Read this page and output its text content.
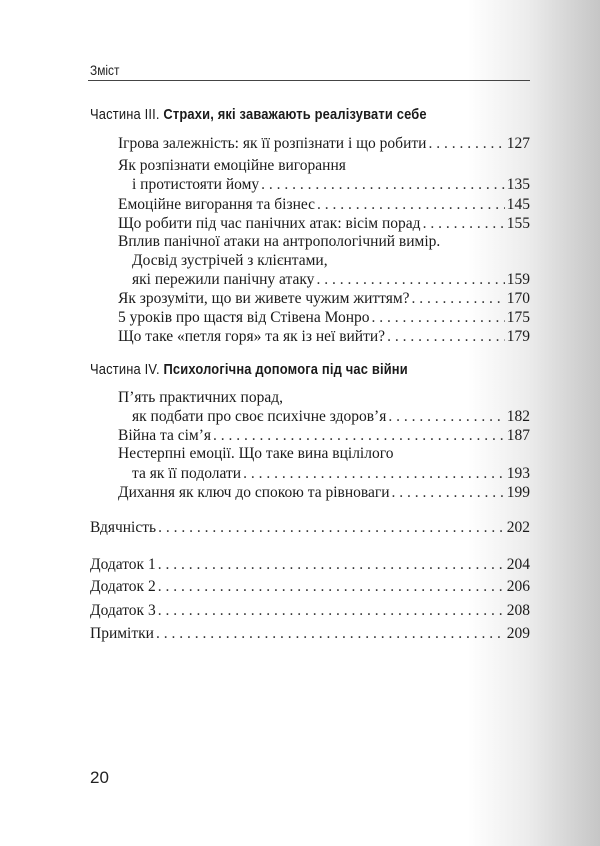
Зміст
Частина III. Страхи, які заважають реалізувати себе
Ігрова залежність: як її розпізнати і що робити . . .	127
Як розпізнати емоційне вигорання
і протистояти йому . . .	135
Емоційне вигорання та бізнес . . .	145
Що робити під час панічних атак: вісім порад . . .	155
Вплив панічної атаки на антропологічний вимір.
Досвід зустрічей з клієнтами,
які пережили панічну атаку . . .	159
Як зрозуміти, що ви живете чужим життям? . . .	170
5 уроків про щастя від Стівена Монро . . .	175
Що таке «петля горя» та як із неї вийти? . . .	179
Частина IV. Психологічна допомога під час війни
П’ять практичних порад,
як подбати про своє психічне здоров’я . . .	182
Війна та сім’я . . .	187
Нестерпні емоції. Що таке вина вцілілого
та як її подолати . . .	193
Дихання як ключ до спокою та рівноваги . . .	199
Вдячність . . .	202
Додаток 1 . . .	204
Додаток 2 . . .	206
Додаток 3 . . .	208
Примітки . . .	209
20
